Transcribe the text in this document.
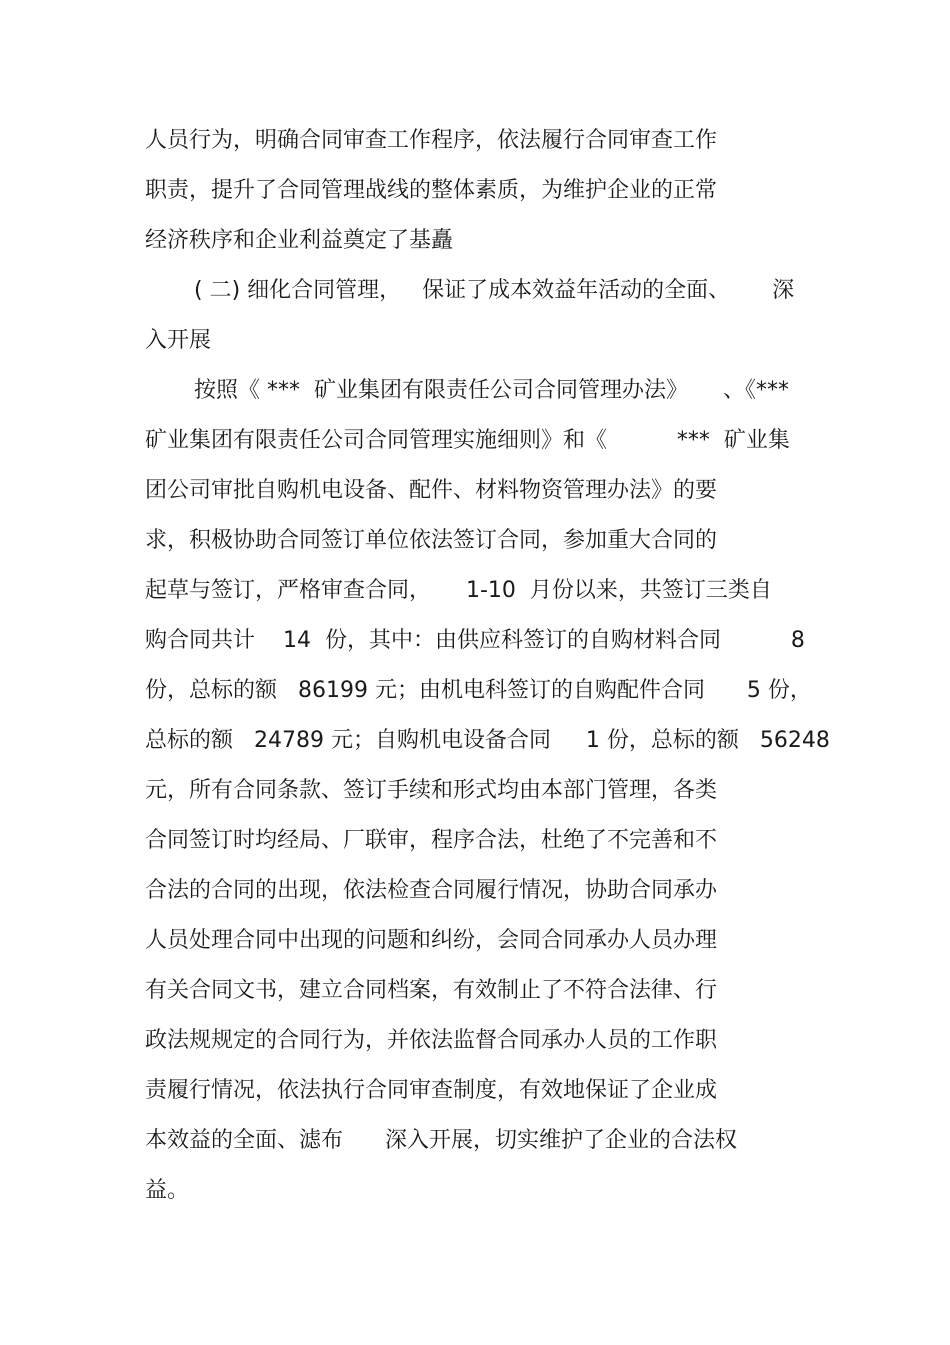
人员行为，明确合同审查工作程序，依法履行合同审查工作
职责，提升了合同管理战线的整体素质，为维护企业的正常
经济秩序和企业利益奠定了基矗
( 二) 细化合同管理，   保证了成本效益年活动的全面、      深
入开展
按照《 ***  矿业集团有限责任公司合同管理办法》     、《***
矿业集团有限责任公司合同管理实施细则》和《          ***  矿业集
团公司审批自购机电设备、配件、材料物资管理办法》的要
求，积极协助合同签订单位依法签订合同，参加重大合同的
起草与签订，严格审查合同，     1-10  月份以来，共签订三类自
购合同共计    14  份，其中：由供应科签订的自购材料合同          8
份，总标的额   86199 元；由机电科签订的自购配件合同      5 份，
总标的额   24789 元；自购机电设备合同     1 份，总标的额   56248
元，所有合同条款、签订手续和形式均由本部门管理，各类
合同签订时均经局、厂联审，程序合法，杜绝了不完善和不
合法的合同的出现，依法检查合同履行情况，协助合同承办
人员处理合同中出现的问题和纠纷，会同合同承办人员办理
有关合同文书，建立合同档案，有效制止了不符合法律、行
政法规规定的合同行为，并依法监督合同承办人员的工作职
责履行情况，依法执行合同审查制度，有效地保证了企业成
本效益的全面、滤布      深入开展，切实维护了企业的合法权
益。
